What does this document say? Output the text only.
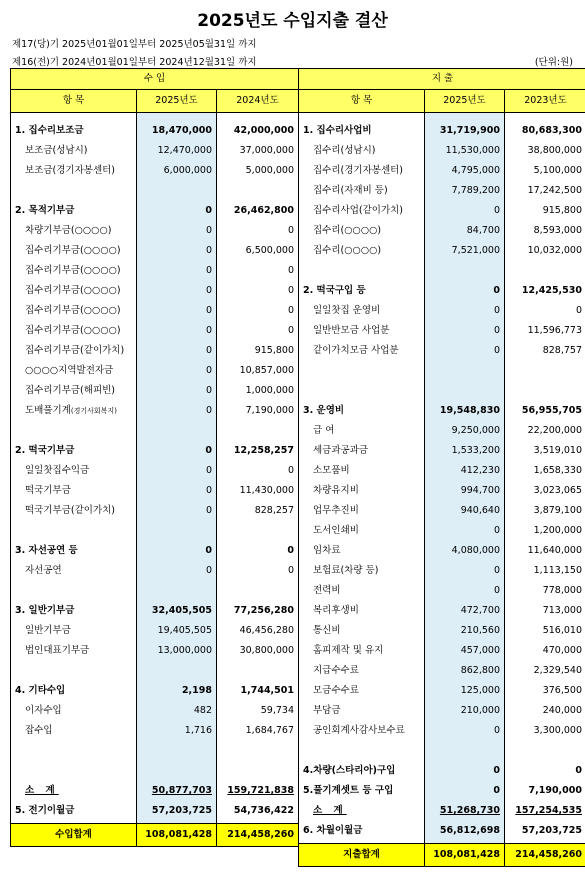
2025년도 수입지출 결산
제17(당)기 2025년01월01일부터 2025년05월31일 까지
제16(전)기 2024년01월01일부터 2024년12월31일 까지	(단위:원)
수 입		
항 목	2025년도	2024년도

1. 집수리보조금	18,470,000	42,000,000
보조금(성남시)	12,470,000	37,000,000
보조금(경기자봉센터)	6,000,000	5,000,000

2. 목적기부금	0	26,462,800
차량기부금(○○○○)	0	0
집수리기부금(○○○○)	0	6,500,000
집수리기부금(○○○○)	0	0
집수리기부금(○○○○)	0	0
집수리기부금(○○○○)	0	0
집수리기부금(○○○○)	0	0
집수리기부금(같이가치)	0	915,800
○○○○지역발전자금	0	10,857,000
집수리기부금(해피빈)	0	1,000,000
도배풀기계(경기사회복지)	0	7,190,000

2. 떡국기부금	0	12,258,257
일일찻집수익금	0	0
떡국기부금	0	11,430,000
떡국기부금(같이가치)	0	828,257

3. 자선공연 등	0	0
자선공연	0	0

3. 일반기부금	32,405,505	77,256,280
일반기부금	19,405,505	46,456,280
법인대표기부금	13,000,000	30,800,000

4. 기타수입	2,198	1,744,501
이자수입	482	59,734
잡수입	1,716	1,684,767

소 계	50,877,703	159,721,838
5. 전기이월금	57,203,725	54,736,422

수입합계	108,081,428	214,458,260
지 출		
항 목	2025년도	2023년도

1. 집수리사업비	31,719,900	80,683,300
집수리(성남시)	11,530,000	38,800,000
집수리(경기자봉센터)	4,795,000	5,100,000
집수리(자재비 등)	7,789,200	17,242,500
집수리사업(같이가치)	0	915,800
집수리(○○○○)	84,700	8,593,000
집수리(○○○○)	7,521,000	10,032,000

2. 떡국구입 등	0	12,425,530
일일찻집 운영비	0	0
일반반모금 사업분	0	11,596,773
같이가치모금 사업분	0	828,757

3. 운영비	19,548,830	56,955,705
급 여	9,250,000	22,200,000
세금과공과금	1,533,200	3,519,010
소모품비	412,230	1,658,330
차량유지비	994,700	3,023,065
업무추진비	940,640	3,879,100
도서인쇄비	0	1,200,000
임차료	4,080,000	11,640,000
보험료(차량 등)	0	1,113,150
전력비	0	778,000
복리후생비	472,700	713,000
통신비	210,560	516,010
홈피제작 및 유지	457,000	470,000
지급수수료	862,800	2,329,540
모금수수료	125,000	376,500
부담금	210,000	240,000
공인회계사감사보수료	0	3,300,000

4.차량(스타리아)구입	0	0
5.풀기계셋트 등 구입	0	7,190,000
소 계	51,268,730	157,254,535
6. 차월이월금	56,812,698	57,203,725

지출합계	108,081,428	214,458,260
